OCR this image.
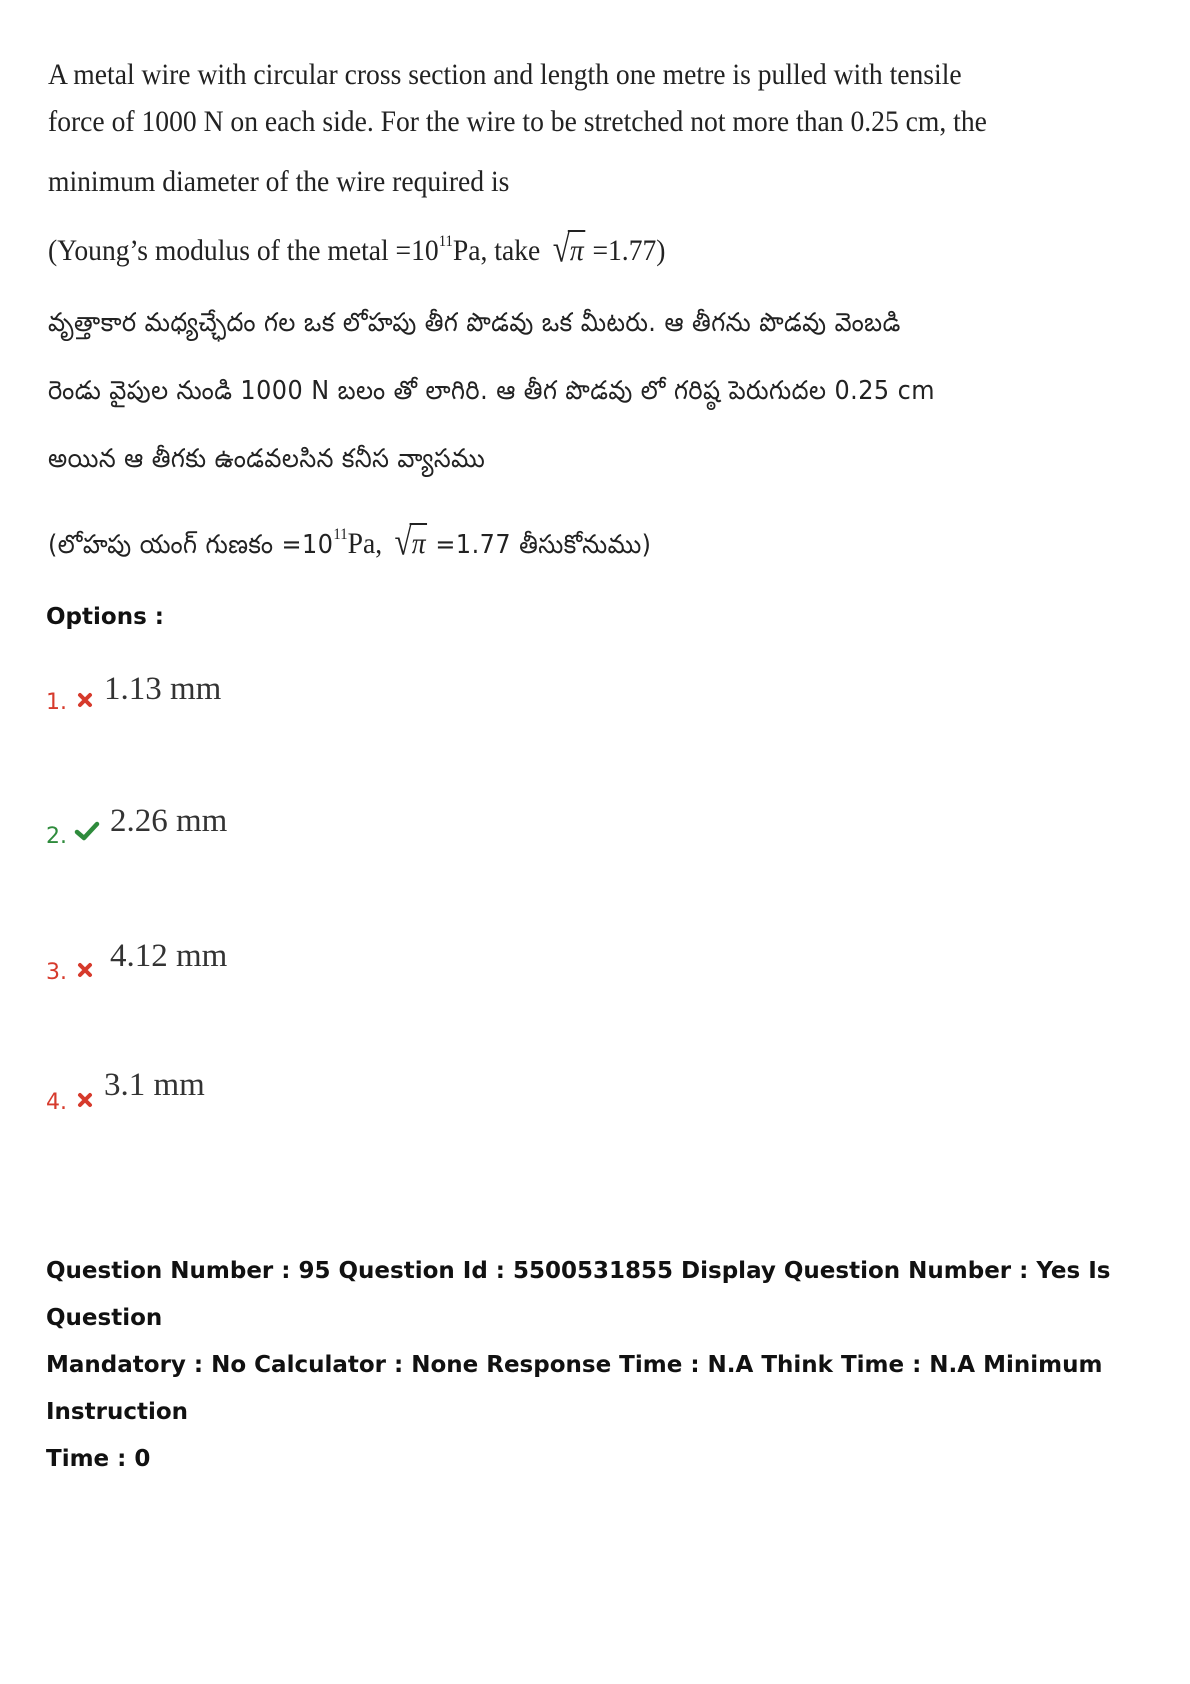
A metal wire with circular cross section and length one metre is pulled with tensile
force of 1000 N on each side. For the wire to be stretched not more than 0.25 cm, the
minimum diameter of the wire required is
(Young’s modulus of the metal $=10^{11}Pa$, take √π =1.77)
వృత్తాకార మధ్యచ్ఛేదం గల ఒక లోహపు తీగ పొడవు ఒక మీటరు. ఆ తీగను పొడవు వెంబడి
రెండు వైపుల నుండి 1000 N బలం తో లాగిరి. ఆ తీగ పొడవు లో గరిష్ఠ పెరుగుదల 0.25 cm
అయిన ఆ తీగకు ఉండవలసిన కనీస వ్యాసము
(లోహపు యంగ్ గుణకం $=10^{11}Pa$, √π =1.77 తీసుకోనుము)
Options :
1. 1.13 mm
2. 2.26 mm
3. 4.12 mm
4. 3.1 mm
Question Number : 95 Question Id : 5500531855 Display Question Number : Yes Is Question
Mandatory : No Calculator : None Response Time : N.A Think Time : N.A Minimum Instruction
Time : 0
